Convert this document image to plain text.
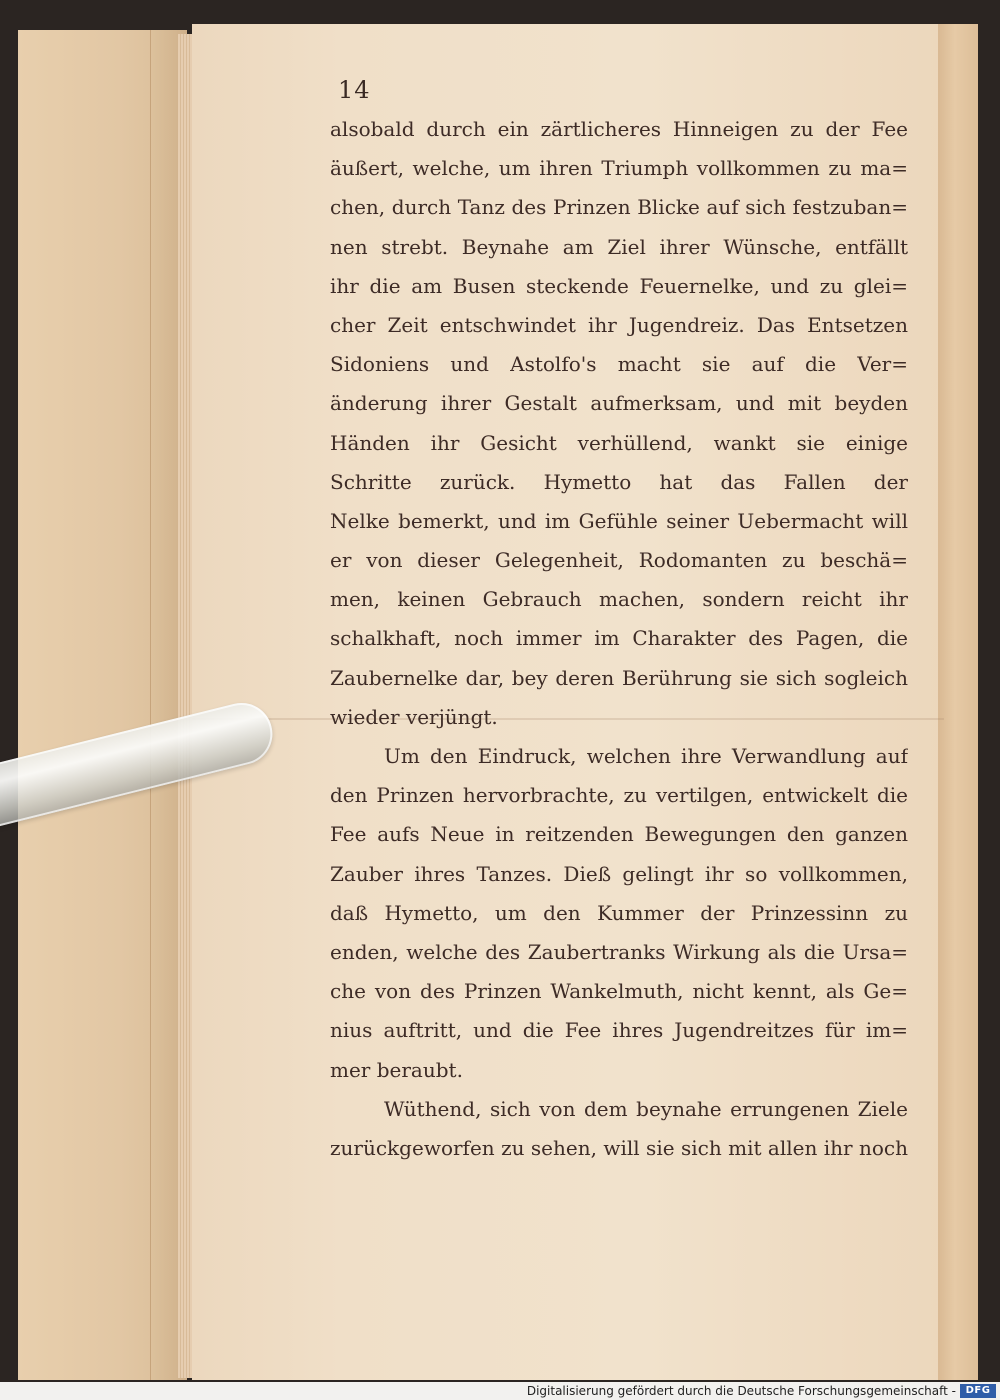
14
alsobald durch ein zärtlicheres Hinneigen zu der Fee
äußert, welche, um ihren Triumph vollkommen zu ma=
chen, durch Tanz des Prinzen Blicke auf sich festzuban=
nen strebt. Beynahe am Ziel ihrer Wünsche, entfällt
ihr die am Busen steckende Feuernelke, und zu glei=
cher Zeit entschwindet ihr Jugendreiz. Das Entsetzen
Sidoniens und Astolfo's macht sie auf die Ver=
änderung ihrer Gestalt aufmerksam, und mit beyden
Händen ihr Gesicht verhüllend, wankt sie einige
Schritte zurück. Hymetto hat das Fallen der
Nelke bemerkt, und im Gefühle seiner Uebermacht will
er von dieser Gelegenheit, Rodomanten zu beschä=
men, keinen Gebrauch machen, sondern reicht ihr
schalkhaft, noch immer im Charakter des Pagen, die
Zaubernelke dar, bey deren Berührung sie sich sogleich
wieder verjüngt.
Um den Eindruck, welchen ihre Verwandlung auf
den Prinzen hervorbrachte, zu vertilgen, entwickelt die
Fee aufs Neue in reitzenden Bewegungen den ganzen
Zauber ihres Tanzes. Dieß gelingt ihr so vollkommen,
daß Hymetto, um den Kummer der Prinzessinn zu
enden, welche des Zaubertranks Wirkung als die Ursa=
che von des Prinzen Wankelmuth, nicht kennt, als Ge=
nius auftritt, und die Fee ihres Jugendreitzes für im=
mer beraubt.
Wüthend, sich von dem beynahe errungenen Ziele
zurückgeworfen zu sehen, will sie sich mit allen ihr noch
Digitalisierung gefördert durch die Deutsche Forschungsgemeinschaft - DFG
